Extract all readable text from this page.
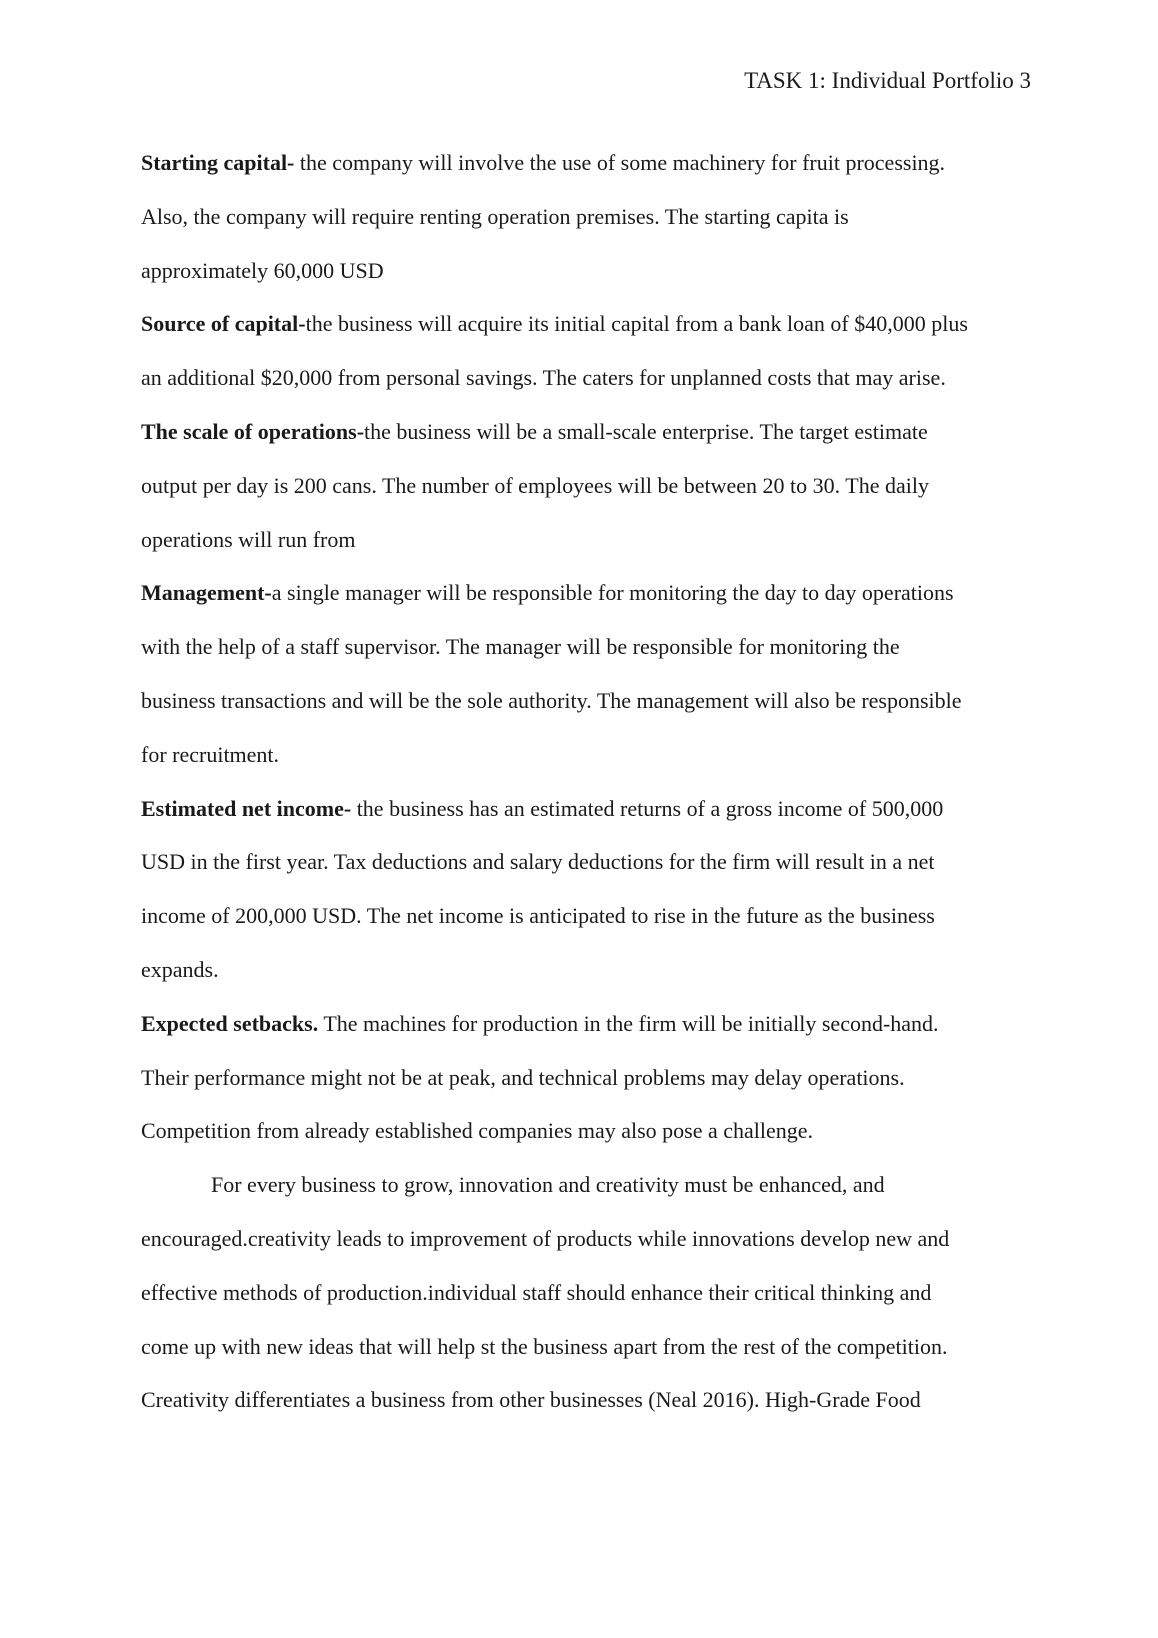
TASK 1: Individual Portfolio 3

Starting capital- the company will involve the use of some machinery for fruit processing.
Also, the company will require renting operation premises. The starting capita is
approximately 60,000 USD

Source of capital-the business will acquire its initial capital from a bank loan of $40,000 plus
an additional $20,000 from personal savings. The caters for unplanned costs that may arise.

The scale of operations-the business will be a small-scale enterprise. The target estimate
output per day is 200 cans. The number of employees will be between 20 to 30. The daily
operations will run from

Management-a single manager will be responsible for monitoring the day to day operations
with the help of a staff supervisor. The manager will be responsible for monitoring the
business transactions and will be the sole authority. The management will also be responsible
for recruitment.

Estimated net income- the business has an estimated returns of a gross income of 500,000
USD in the first year. Tax deductions and salary deductions for the firm will result in a net
income of 200,000 USD. The net income is anticipated to rise in the future as the business
expands.

Expected setbacks. The machines for production in the firm will be initially second-hand.
Their performance might not be at peak, and technical problems may delay operations.
Competition from already established companies may also pose a challenge.

For every business to grow, innovation and creativity must be enhanced, and
encouraged.creativity leads to improvement of products while innovations develop new and
effective methods of production.individual staff should enhance their critical thinking and
come up with new ideas that will help st the business apart from the rest of the competition.
Creativity differentiates a business from other businesses (Neal 2016). High-Grade Food
